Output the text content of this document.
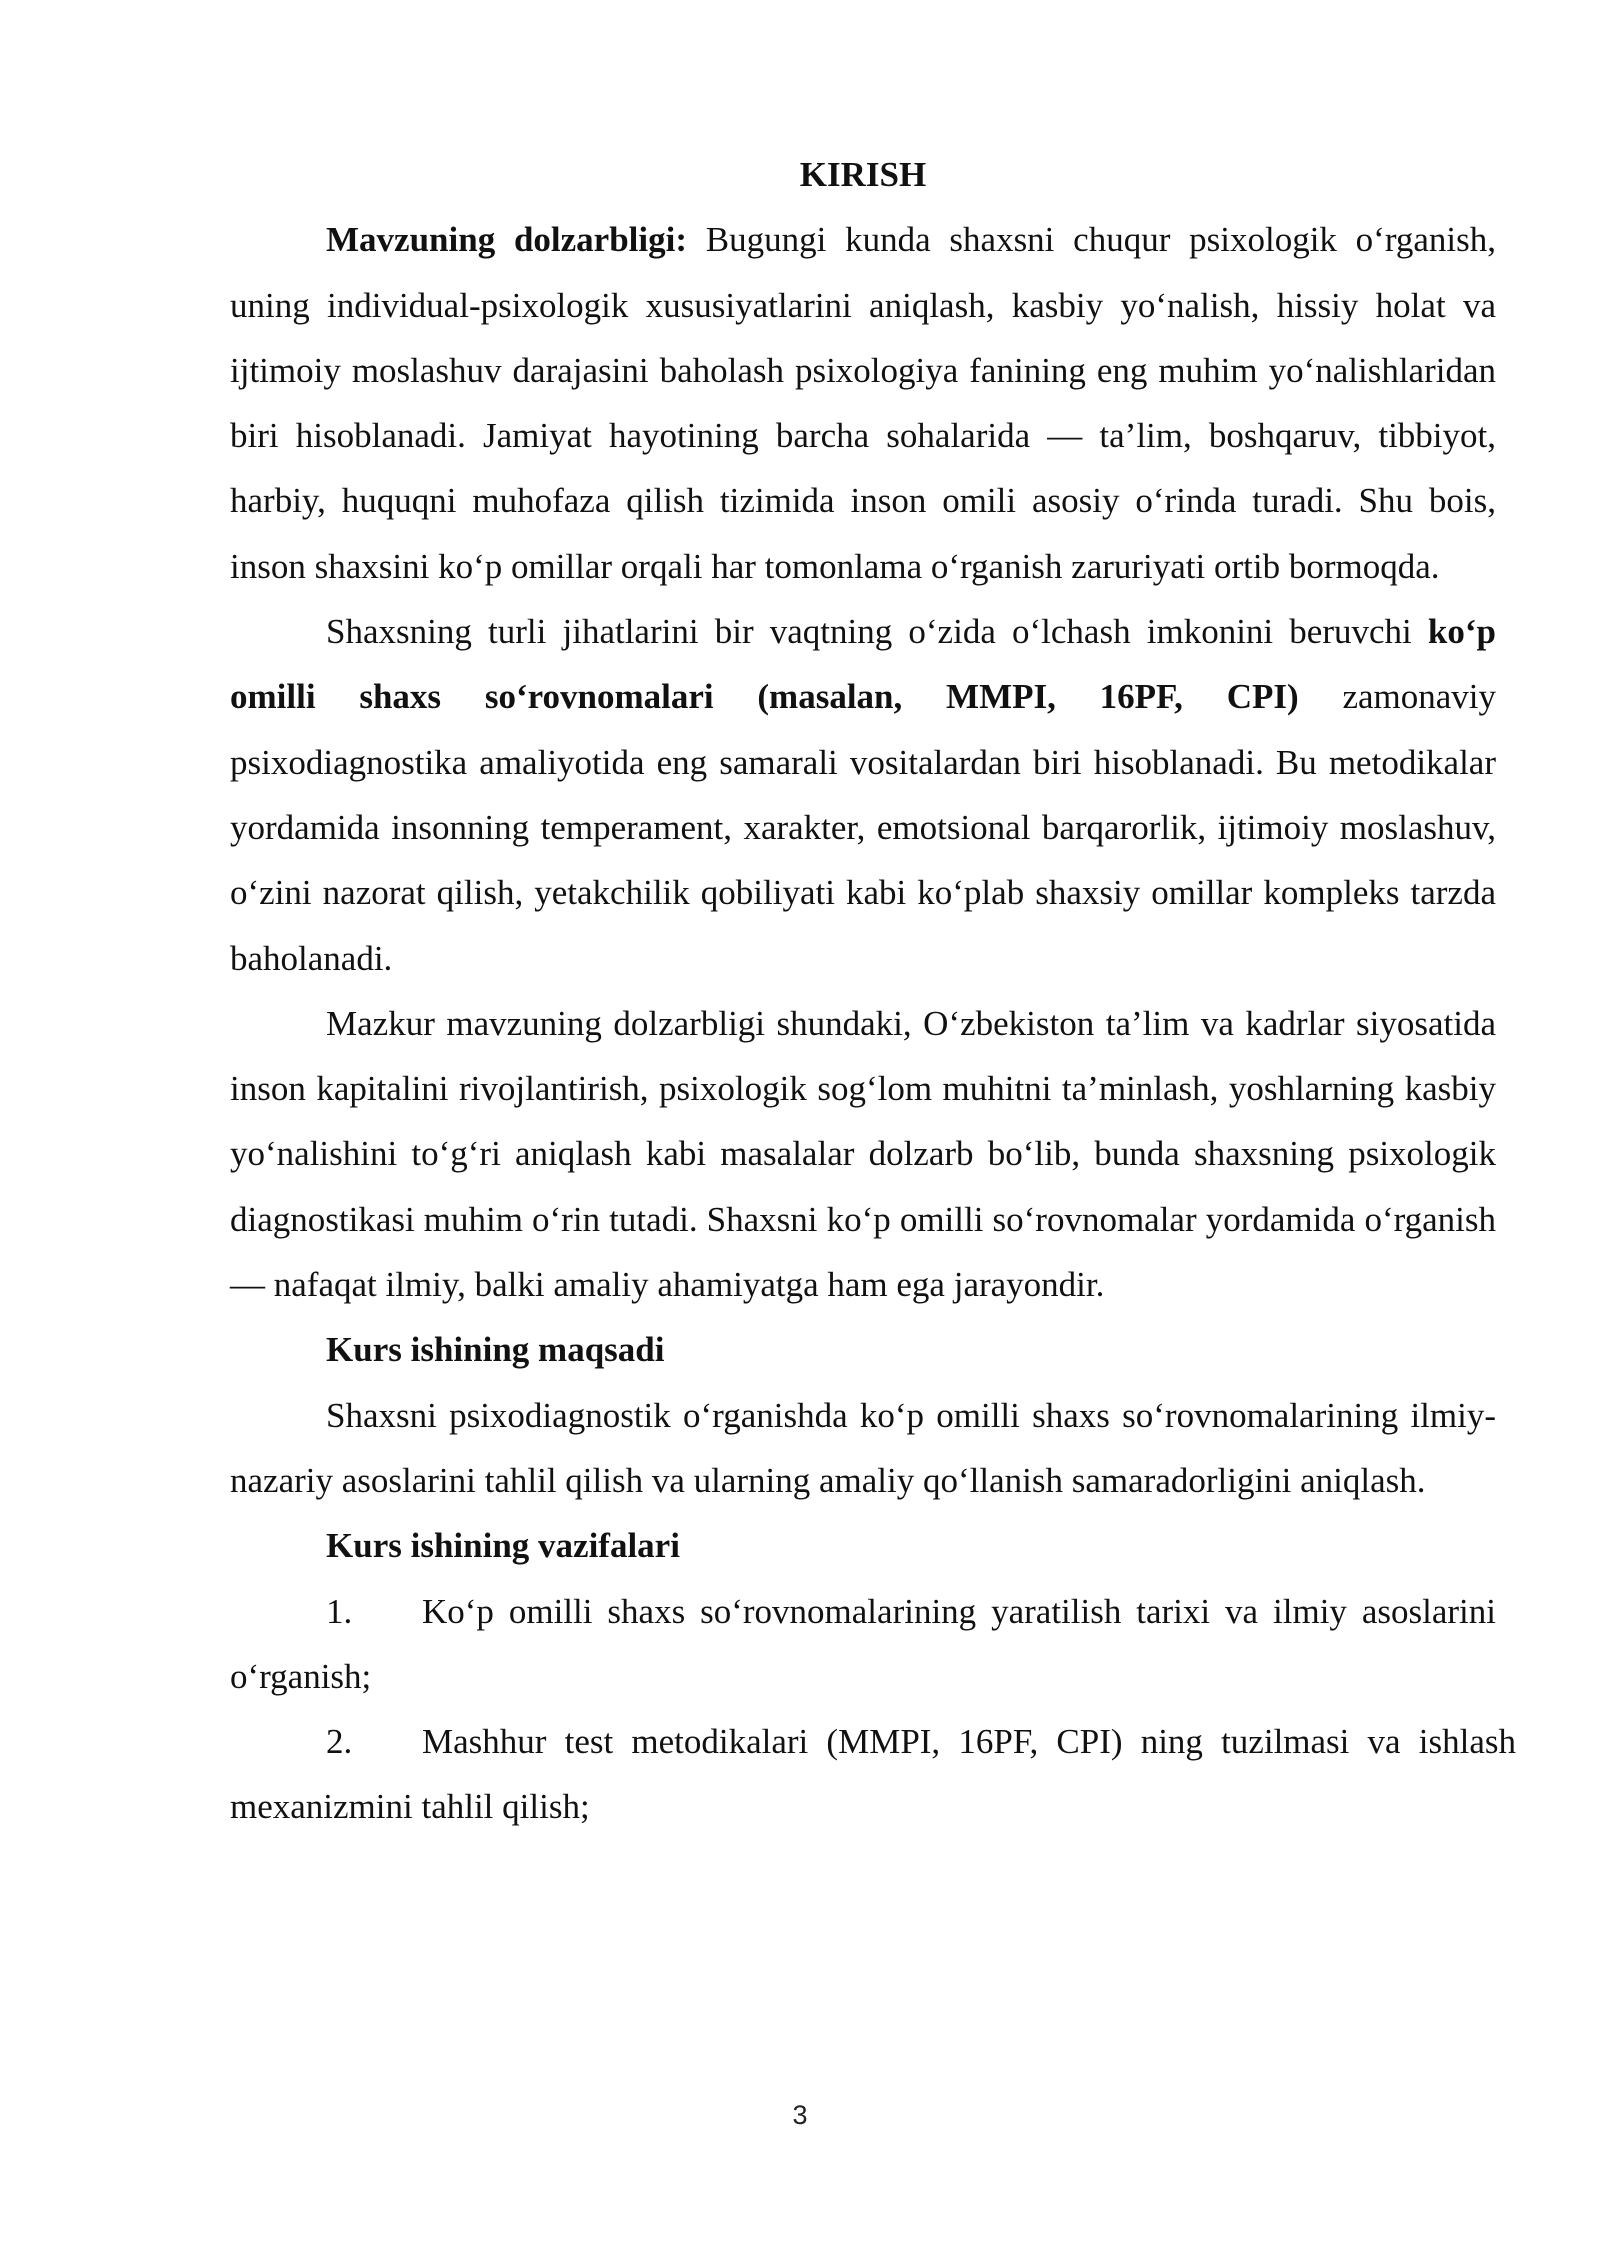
KIRISH

Mavzuning dolzarbligi: Bugungi kunda shaxsni chuqur psixologik o‘rganish, uning individual-psixologik xususiyatlarini aniqlash, kasbiy yo‘nalish, hissiy holat va ijtimoiy moslashuv darajasini baholash psixologiya fanining eng muhim yo‘nalishlaridan biri hisoblanadi. Jamiyat hayotining barcha sohalarida — ta’lim, boshqaruv, tibbiyot, harbiy, huquqni muhofaza qilish tizimida inson omili asosiy o‘rinda turadi. Shu bois, inson shaxsini ko‘p omillar orqali har tomonlama o‘rganish zaruriyati ortib bormoqda.

Shaxsning turli jihatlarini bir vaqtning o‘zida o‘lchash imkonini beruvchi ko‘p omilli shaxs so‘rovnomalari (masalan, MMPI, 16PF, CPI) zamonaviy psixodiagnostika amaliyotida eng samarali vositalardan biri hisoblanadi. Bu metodikalar yordamida insonning temperament, xarakter, emotsional barqarorlik, ijtimoiy moslashuv, o‘zini nazorat qilish, yetakchilik qobiliyati kabi ko‘plab shaxsiy omillar kompleks tarzda baholanadi.

Mazkur mavzuning dolzarbligi shundaki, O‘zbekiston ta’lim va kadrlar siyosatida inson kapitalini rivojlantirish, psixologik sog‘lom muhitni ta’minlash, yoshlarning kasbiy yo‘nalishini to‘g‘ri aniqlash kabi masalalar dolzarb bo‘lib, bunda shaxsning psixologik diagnostikasi muhim o‘rin tutadi. Shaxsni ko‘p omilli so‘rovnomalar yordamida o‘rganish — nafaqat ilmiy, balki amaliy ahamiyatga ham ega jarayondir.

Kurs ishining maqsadi

Shaxsni psixodiagnostik o‘rganishda ko‘p omilli shaxs so‘rovnomalarining ilmiy-nazariy asoslarini tahlil qilish va ularning amaliy qo‘llanish samaradorligini aniqlash.

Kurs ishining vazifalari
1. Ko‘p omilli shaxs so‘rovnomalarining yaratilish tarixi va ilmiy asoslarini o‘rganish;
2. Mashhur test metodikalari (MMPI, 16PF, CPI) ning tuzilmasi va ishlash mexanizmini tahlil qilish;
3
